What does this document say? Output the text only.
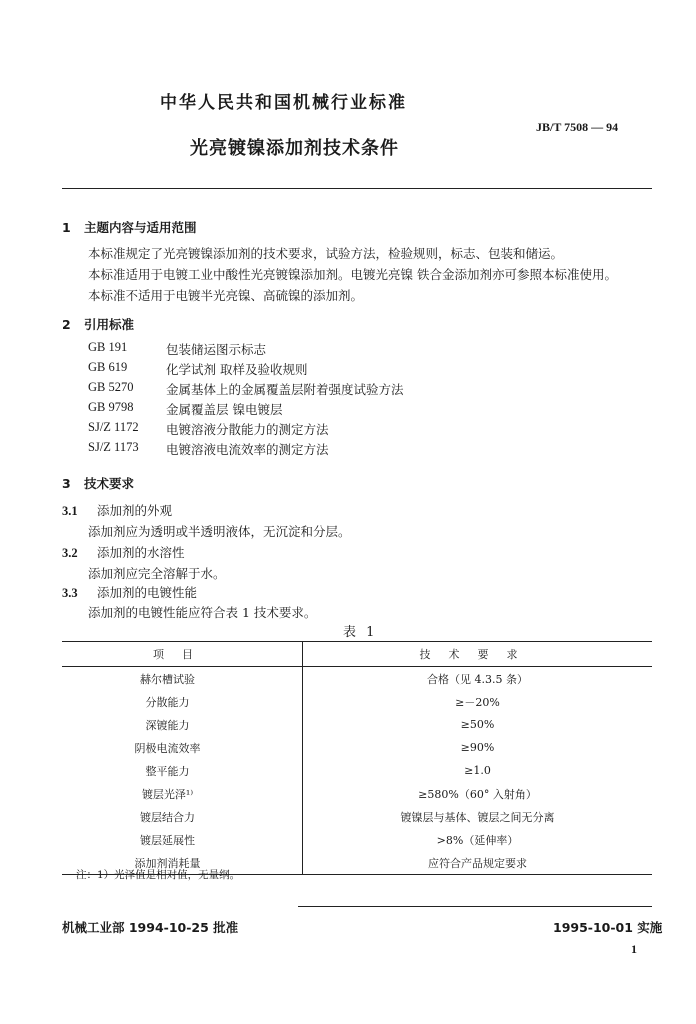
中华人民共和国机械行业标准
JB/T 7508 — 94
光亮镀镍添加剂技术条件
1 主题内容与适用范围
本标准规定了光亮镀镍添加剂的技术要求，试验方法，检验规则，标志、包装和储运。
本标准适用于电镀工业中酸性光亮镀镍添加剂。电镀光亮镍 铁合金添加剂亦可参照本标准使用。
本标准不适用于电镀半光亮镍、高硫镍的添加剂。
2 引用标准
GB 191	包装储运图示标志
GB 619	化学试剂 取样及验收规则
GB 5270	金属基体上的金属覆盖层附着强度试验方法
GB 9798	金属覆盖层 镍电镀层
SJ/Z 1172 电镀溶液分散能力的测定方法
SJ/Z 1173 电镀溶液电流效率的测定方法
3 技术要求
3.1 添加剂的外观
添加剂应为透明或半透明液体，无沉淀和分层。
3.2 添加剂的水溶性
添加剂应完全溶解于水。
3.3 添加剂的电镀性能
添加剂的电镀性能应符合表 1 技术要求。
表 1
项目	技术要求
赫尔槽试验	合格（见 4.3.5 条）
分散能力	≥－20%
深镀能力	≥50%
阴极电流效率	≥90%
整平能力	≥1.0
镀层光泽¹⁾	≥580%（60° 入射角）
镀层结合力	镀镍层与基体、镀层之间无分离
镀层延展性	>8%（延伸率）
添加剂消耗量	应符合产品规定要求
注：1）光泽值是相对值，无量纲。
机械工业部 1994-10-25 批准	1995-10-01 实施
1
